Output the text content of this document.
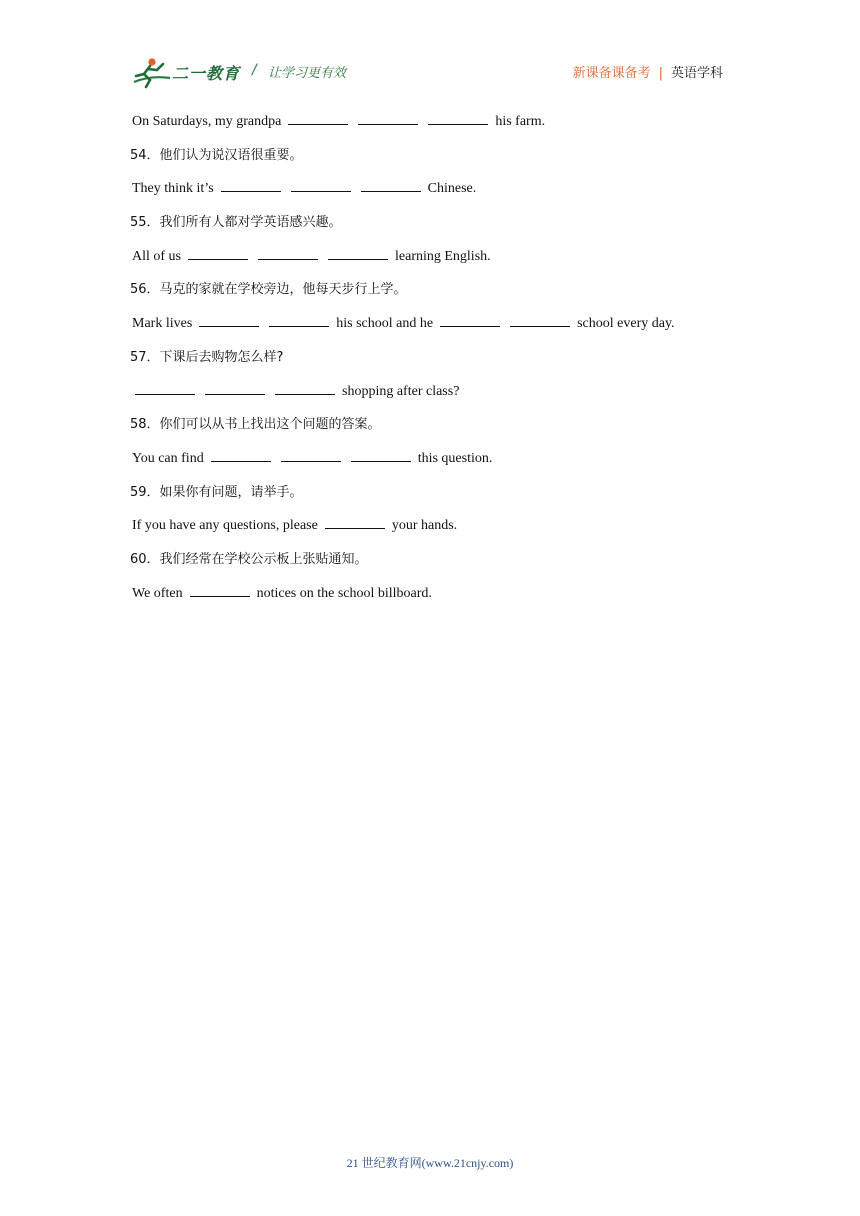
二一教育 / 让学习更有效	新课备课备考 | 英语学科
On Saturdays, my grandpa	his farm.
54．他们认为说汉语很重要。
They think it’s	Chinese.
55．我们所有人都对学英语感兴趣。
All of us	learning English.
56．马克的家就在学校旁边，他每天步行上学。
Mark lives	his school and he	school every day.
57．下课后去购物怎么样?
shopping after class?
58．你们可以从书上找出这个问题的答案。
You can find	this question.
59．如果你有问题，请举手。
If you have any questions, please	your hands.
60．我们经常在学校公示板上张贴通知。
We often	notices on the school billboard.
21 世纪教育网(www.21cnjy.com)
